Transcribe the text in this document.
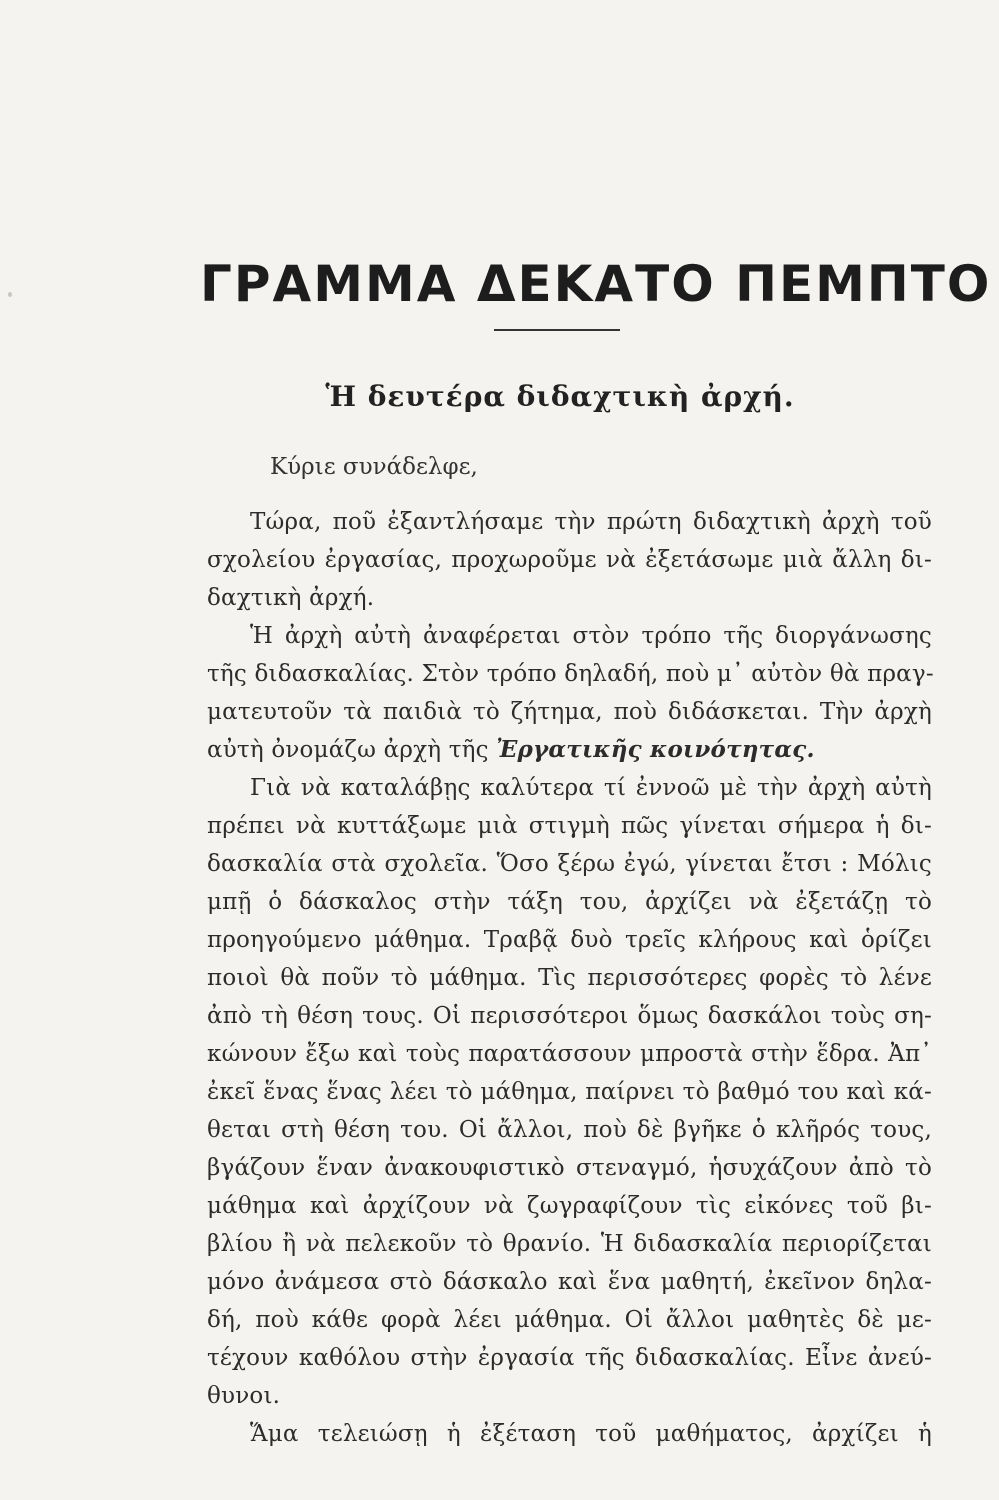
ΓΡΑΜΜΑ ΔΕΚΑΤΟ ΠΕΜΠΤΟ
Ἡ δευτέρα διδαχτικὴ ἀρχή.
Κύριε συνάδελφε,
Τώρα, ποῦ ἐξαντλήσαμε τὴν πρώτη διδαχτικὴ ἀρχὴ τοῦ
σχολείου ἐργασίας, προχωροῦμε νὰ ἐξετάσωμε μιὰ ἄλλη δι-
δαχτικὴ ἀρχή.
Ἡ ἀρχὴ αὐτὴ ἀναφέρεται στὸν τρόπο τῆς διοργάνωσης
τῆς διδασκαλίας. Στὸν τρόπο δηλαδή, ποὺ μ᾽ αὐτὸν θὰ πραγ-
ματευτοῦν τὰ παιδιὰ τὸ ζήτημα, ποὺ διδάσκεται. Τὴν ἀρχὴ
αὐτὴ ὀνομάζω ἀρχὴ τῆς Ἐργατικῆς κοινότητας.
Γιὰ νὰ καταλάβῃς καλύτερα τί ἐννοῶ μὲ τὴν ἀρχὴ αὐτὴ
πρέπει νὰ κυττάξωμε μιὰ στιγμὴ πῶς γίνεται σήμερα ἡ δι-
δασκαλία στὰ σχολεῖα. Ὅσο ξέρω ἐγώ, γίνεται ἔτσι : Μόλις
μπῇ ὁ δάσκαλος στὴν τάξη του, ἀρχίζει νὰ ἐξετάζῃ τὸ
προηγούμενο μάθημα. Τραβᾷ δυὸ τρεῖς κλήρους καὶ ὁρίζει
ποιοὶ θὰ ποῦν τὸ μάθημα. Τὶς περισσότερες φορὲς τὸ λένε
ἀπὸ τὴ θέση τους. Οἱ περισσότεροι ὅμως δασκάλοι τοὺς ση-
κώνουν ἔξω καὶ τοὺς παρατάσσουν μπροστὰ στὴν ἕδρα. Ἀπ᾽
ἐκεῖ ἕνας ἕνας λέει τὸ μάθημα, παίρνει τὸ βαθμό του καὶ κά-
θεται στὴ θέση του. Οἱ ἄλλοι, ποὺ δὲ βγῆκε ὁ κλῆρός τους,
βγάζουν ἕναν ἀνακουφιστικὸ στεναγμό, ἡσυχάζουν ἀπὸ τὸ
μάθημα καὶ ἀρχίζουν νὰ ζωγραφίζουν τὶς εἰκόνες τοῦ βι-
βλίου ἢ νὰ πελεκοῦν τὸ θρανίο. Ἡ διδασκαλία περιορίζεται
μόνο ἀνάμεσα στὸ δάσκαλο καὶ ἕνα μαθητή, ἐκεῖνον δηλα-
δή, ποὺ κάθε φορὰ λέει μάθημα. Οἱ ἄλλοι μαθητὲς δὲ με-
τέχουν καθόλου στὴν ἐργασία τῆς διδασκαλίας. Εἶνε ἀνεύ-
θυνοι.
Ἅμα τελειώσῃ ἡ ἐξέταση τοῦ μαθήματος, ἀρχίζει ἡ
